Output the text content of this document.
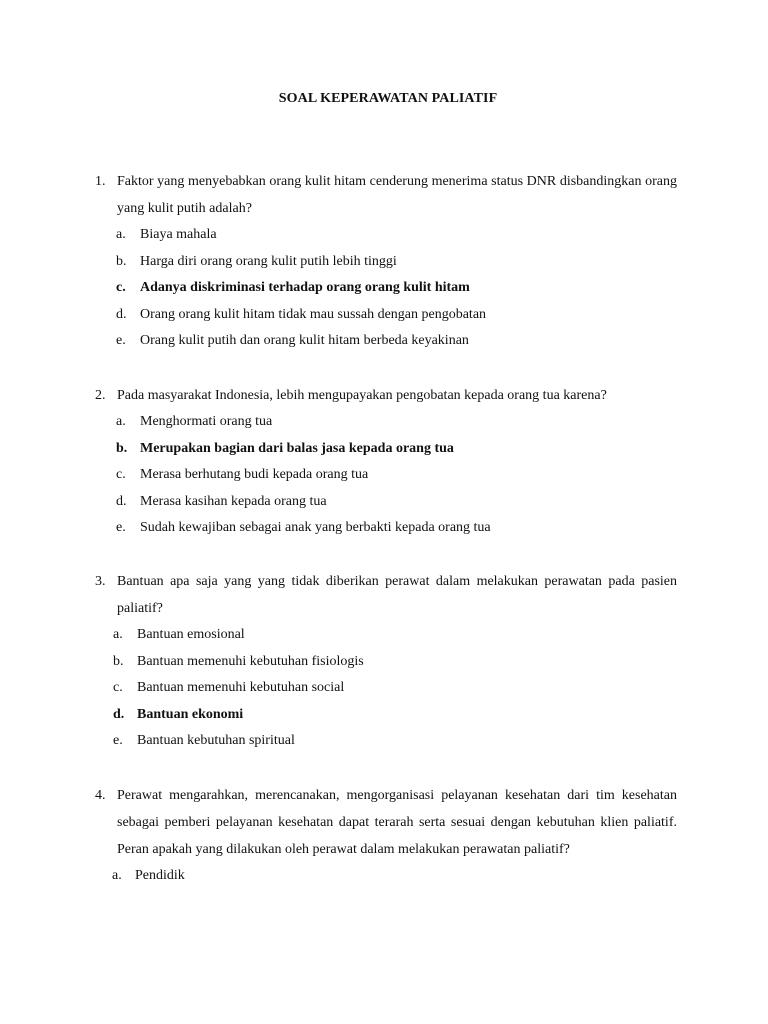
SOAL KEPERAWATAN PALIATIF
1. Faktor yang menyebabkan orang kulit hitam cenderung menerima status DNR disbandingkan orang yang kulit putih adalah?
a. Biaya mahala
b. Harga diri orang orang kulit putih lebih tinggi
c. Adanya diskriminasi terhadap orang orang kulit hitam
d. Orang orang kulit hitam tidak mau sussah dengan pengobatan
e. Orang kulit putih dan orang kulit hitam berbeda keyakinan
2. Pada masyarakat Indonesia, lebih mengupayakan pengobatan kepada orang tua karena?
a. Menghormati orang tua
b. Merupakan bagian dari balas jasa kepada orang tua
c. Merasa berhutang budi kepada orang tua
d. Merasa kasihan kepada orang tua
e. Sudah kewajiban sebagai anak yang berbakti kepada orang tua
3. Bantuan apa saja yang yang tidak diberikan perawat dalam melakukan perawatan pada pasien paliatif?
a. Bantuan emosional
b. Bantuan memenuhi kebutuhan fisiologis
c. Bantuan memenuhi kebutuhan social
d. Bantuan ekonomi
e. Bantuan kebutuhan spiritual
4. Perawat mengarahkan, merencanakan, mengorganisasi pelayanan kesehatan dari tim kesehatan sebagai pemberi pelayanan kesehatan dapat terarah serta sesuai dengan kebutuhan klien paliatif. Peran apakah yang dilakukan oleh perawat dalam melakukan perawatan paliatif?
a. Pendidik
